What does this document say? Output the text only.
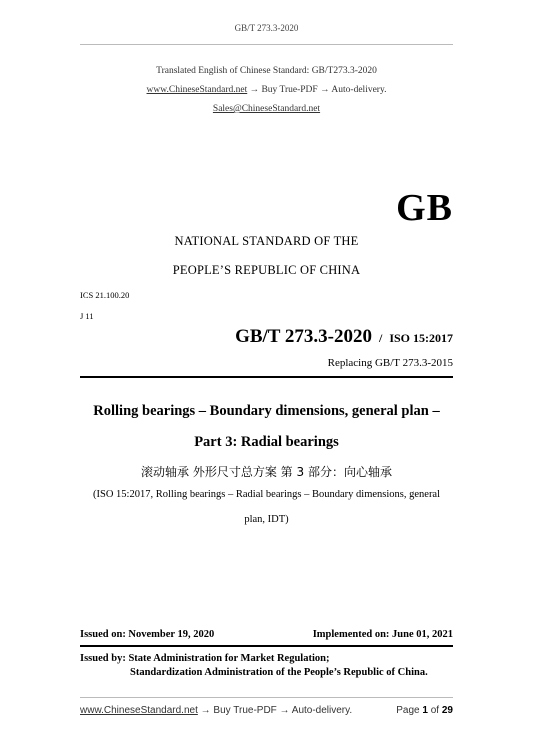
GB/T 273.3-2020
Translated English of Chinese Standard: GB/T273.3-2020
www.ChineseStandard.net → Buy True-PDF → Auto-delivery.
Sales@ChineseStandard.net
GB
NATIONAL STANDARD OF THE
PEOPLE’S REPUBLIC OF CHINA
ICS 21.100.20
J 11
GB/T 273.3-2020 / ISO 15:2017
Replacing GB/T 273.3-2015
Rolling bearings – Boundary dimensions, general plan –
Part 3: Radial bearings
滚动轴承 外形尺寸总方案 第 3 部分：向心轴承
(ISO 15:2017, Rolling bearings – Radial bearings – Boundary dimensions, general
plan, IDT)
Issued on: November 19, 2020	Implemented on: June 01, 2021
Issued by: State Administration for Market Regulation;
Standardization Administration of the People’s Republic of China.
www.ChineseStandard.net → Buy True-PDF → Auto-delivery.	Page 1 of 29
